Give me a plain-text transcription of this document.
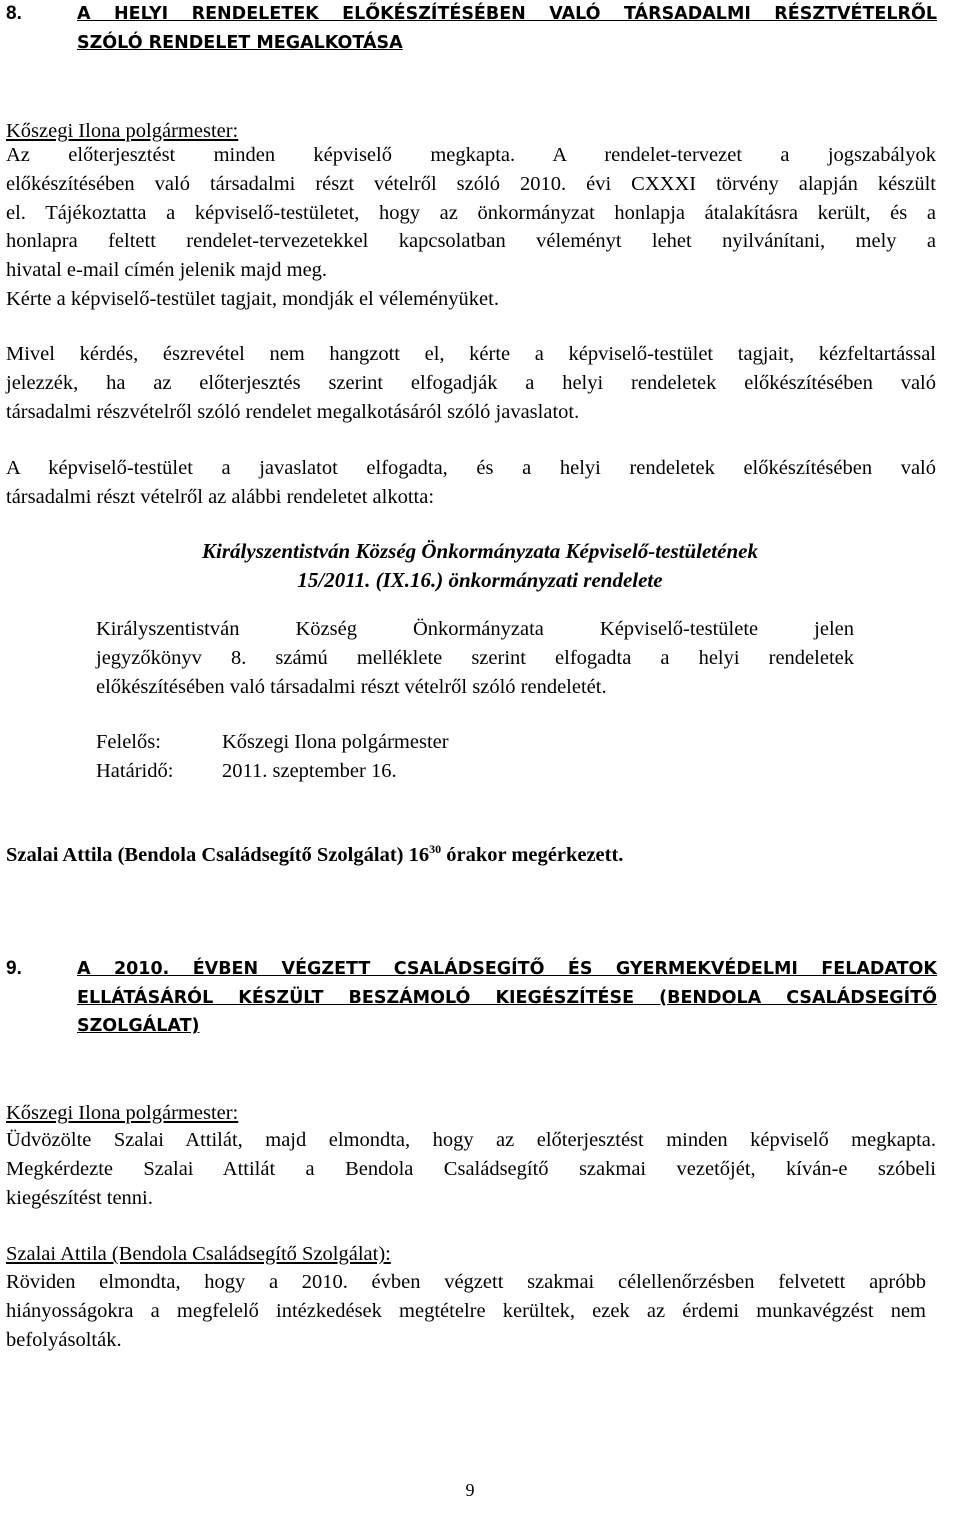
8.	A HELYI RENDELETEK ELŐKÉSZÍTÉSÉBEN VALÓ TÁRSADALMI RÉSZTVÉTELRŐL
SZÓLÓ RENDELET MEGALKOTÁSA
Kőszegi Ilona polgármester:
Az előterjesztést minden képviselő megkapta. A rendelet-tervezet a jogszabályok
előkészítésében való társadalmi részt vételről szóló 2010. évi CXXXI törvény alapján készült
el. Tájékoztatta a képviselő-testületet, hogy az önkormányzat honlapja átalakításra került, és a
honlapra feltett rendelet-tervezetekkel kapcsolatban véleményt lehet nyilvánítani, mely a
hivatal e-mail címén jelenik majd meg.
Kérte a képviselő-testület tagjait, mondják el véleményüket.
Mivel kérdés, észrevétel nem hangzott el, kérte a képviselő-testület tagjait, kézfeltartással
jelezzék, ha az előterjesztés szerint elfogadják a helyi rendeletek előkészítésében való
társadalmi részvételről szóló rendelet megalkotásáról szóló javaslatot.
A képviselő-testület a javaslatot elfogadta, és a helyi rendeletek előkészítésében való
társadalmi részt vételről az alábbi rendeletet alkotta:
Királyszentistván Község Önkormányzata Képviselő-testületének
15/2011. (IX.16.) önkormányzati rendelete
Királyszentistván Község Önkormányzata Képviselő-testülete jelen
jegyzőkönyv 8. számú melléklete szerint elfogadta a helyi rendeletek
előkészítésében való társadalmi részt vételről szóló rendeletét.
Felelős:	Kőszegi Ilona polgármester
Határidő: 2011. szeptember 16.
Szalai Attila (Bendola Családsegítő Szolgálat) $16^{30}$ órakor megérkezett.
9.	A 2010. ÉVBEN VÉGZETT CSALÁDSEGÍTŐ ÉS GYERMEKVÉDELMI FELADATOK
ELLÁTÁSÁRÓL KÉSZÜLT BESZÁMOLÓ KIEGÉSZÍTÉSE (BENDOLA CSALÁDSEGÍTŐ
SZOLGÁLAT)
Kőszegi Ilona polgármester:
Üdvözölte Szalai Attilát, majd elmondta, hogy az előterjesztést minden képviselő megkapta.
Megkérdezte Szalai Attilát a Bendola Családsegítő szakmai vezetőjét, kíván-e szóbeli
kiegészítést tenni.
Szalai Attila (Bendola Családsegítő Szolgálat):
Röviden elmondta, hogy a 2010. évben végzett szakmai célellenőrzésben felvetett apróbb
hiányosságokra a megfelelő intézkedések megtételre kerültek, ezek az érdemi munkavégzést nem
befolyásolták.
9
